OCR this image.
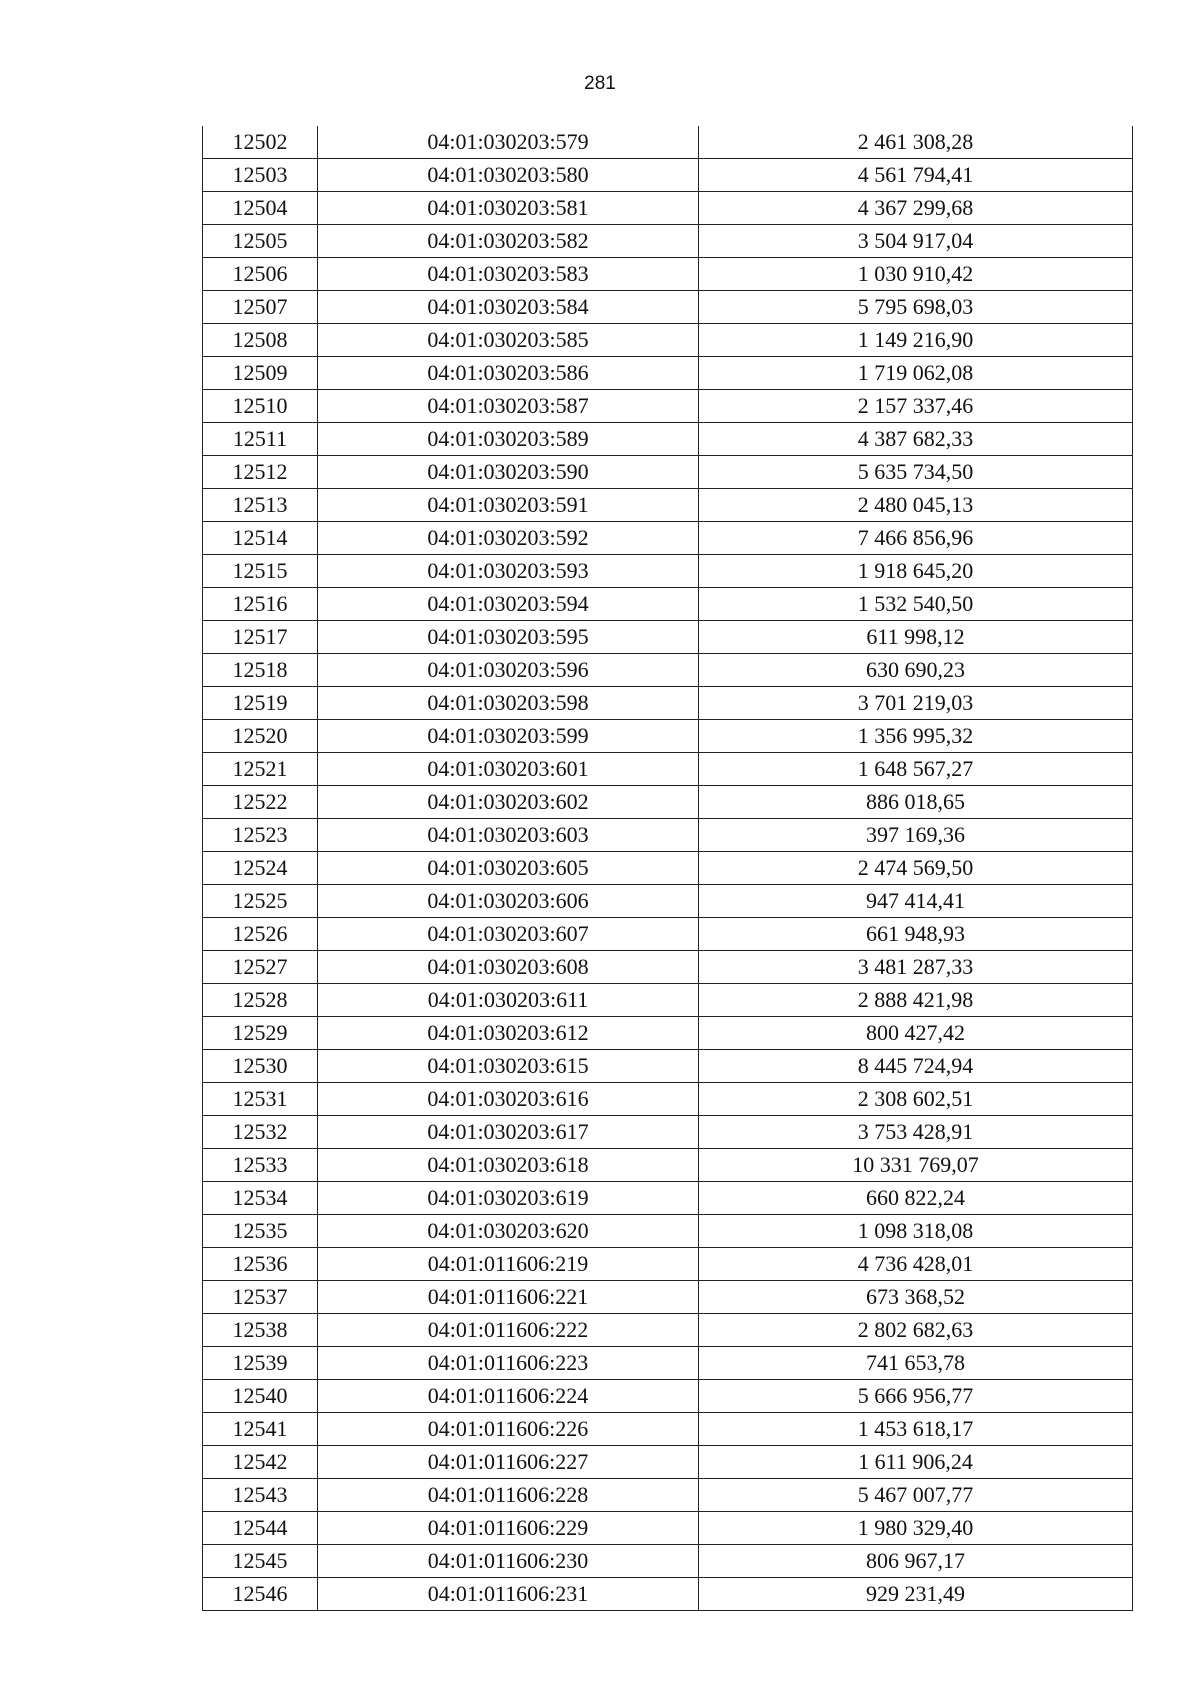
281
12502	04:01:030203:579	2 461 308,28
12503	04:01:030203:580	4 561 794,41
12504	04:01:030203:581	4 367 299,68
12505	04:01:030203:582	3 504 917,04
12506	04:01:030203:583	1 030 910,42
12507	04:01:030203:584	5 795 698,03
12508	04:01:030203:585	1 149 216,90
12509	04:01:030203:586	1 719 062,08
12510	04:01:030203:587	2 157 337,46
12511	04:01:030203:589	4 387 682,33
12512	04:01:030203:590	5 635 734,50
12513	04:01:030203:591	2 480 045,13
12514	04:01:030203:592	7 466 856,96
12515	04:01:030203:593	1 918 645,20
12516	04:01:030203:594	1 532 540,50
12517	04:01:030203:595	611 998,12
12518	04:01:030203:596	630 690,23
12519	04:01:030203:598	3 701 219,03
12520	04:01:030203:599	1 356 995,32
12521	04:01:030203:601	1 648 567,27
12522	04:01:030203:602	886 018,65
12523	04:01:030203:603	397 169,36
12524	04:01:030203:605	2 474 569,50
12525	04:01:030203:606	947 414,41
12526	04:01:030203:607	661 948,93
12527	04:01:030203:608	3 481 287,33
12528	04:01:030203:611	2 888 421,98
12529	04:01:030203:612	800 427,42
12530	04:01:030203:615	8 445 724,94
12531	04:01:030203:616	2 308 602,51
12532	04:01:030203:617	3 753 428,91
12533	04:01:030203:618	10 331 769,07
12534	04:01:030203:619	660 822,24
12535	04:01:030203:620	1 098 318,08
12536	04:01:011606:219	4 736 428,01
12537	04:01:011606:221	673 368,52
12538	04:01:011606:222	2 802 682,63
12539	04:01:011606:223	741 653,78
12540	04:01:011606:224	5 666 956,77
12541	04:01:011606:226	1 453 618,17
12542	04:01:011606:227	1 611 906,24
12543	04:01:011606:228	5 467 007,77
12544	04:01:011606:229	1 980 329,40
12545	04:01:011606:230	806 967,17
12546	04:01:011606:231	929 231,49
